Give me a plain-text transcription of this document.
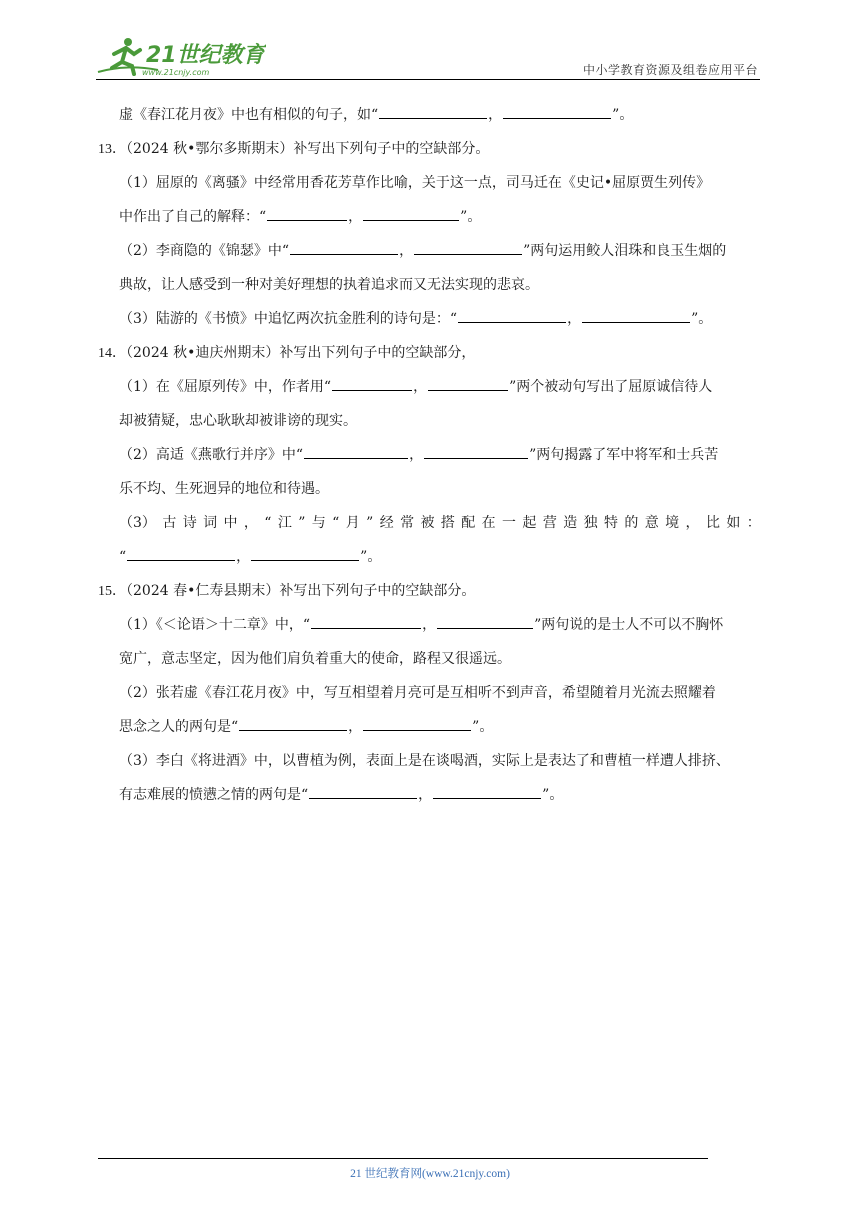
21世纪教育
www.21cnjy.com	中小学教育资源及组卷应用平台
虚《春江花月夜》中也有相似的句子，如“	，	”。
13．（2024 秋•鄂尔多斯期末）补写出下列句子中的空缺部分。
（1）屈原的《离骚》中经常用香花芳草作比喻，关于这一点，司马迁在《史记•屈原贾生列传》
中作出了自己的解释：“	，	”。
（2）李商隐的《锦瑟》中“	，	”两句运用鲛人泪珠和良玉生烟的
典故，让人感受到一种对美好理想的执着追求而又无法实现的悲哀。
（3）陆游的《书愤》中追忆两次抗金胜利的诗句是：“	，	”。
14．（2024 秋•迪庆州期末）补写出下列句子中的空缺部分，
（1）在《屈原列传》中，作者用“	，	”两个被动句写出了屈原诚信待人
却被猜疑，忠心耿耿却被诽谤的现实。
（2）高适《燕歌行并序》中“	，	”两句揭露了军中将军和士兵苦
乐不均、生死迥异的地位和待遇。
（3） 古 诗 词 中 ， “ 江 ” 与 “ 月 ” 经 常 被 搭 配 在 一 起 营 造 独 特 的 意 境 ， 比 如 ：
“	，	”。
15．（2024 春•仁寿县期末）补写出下列句子中的空缺部分。
（1）《＜论语＞十二章》中，“	，	”两句说的是士人不可以不胸怀
宽广，意志坚定，因为他们肩负着重大的使命，路程又很遥远。
（2）张若虚《春江花月夜》中，写互相望着月亮可是互相听不到声音，希望随着月光流去照耀着
思念之人的两句是“	，	”。
（3）李白《将进酒》中，以曹植为例，表面上是在谈喝酒，实际上是表达了和曹植一样遭人排挤、
有志难展的愤懑之情的两句是“	，	”。
21 世纪教育网(www.21cnjy.com)
